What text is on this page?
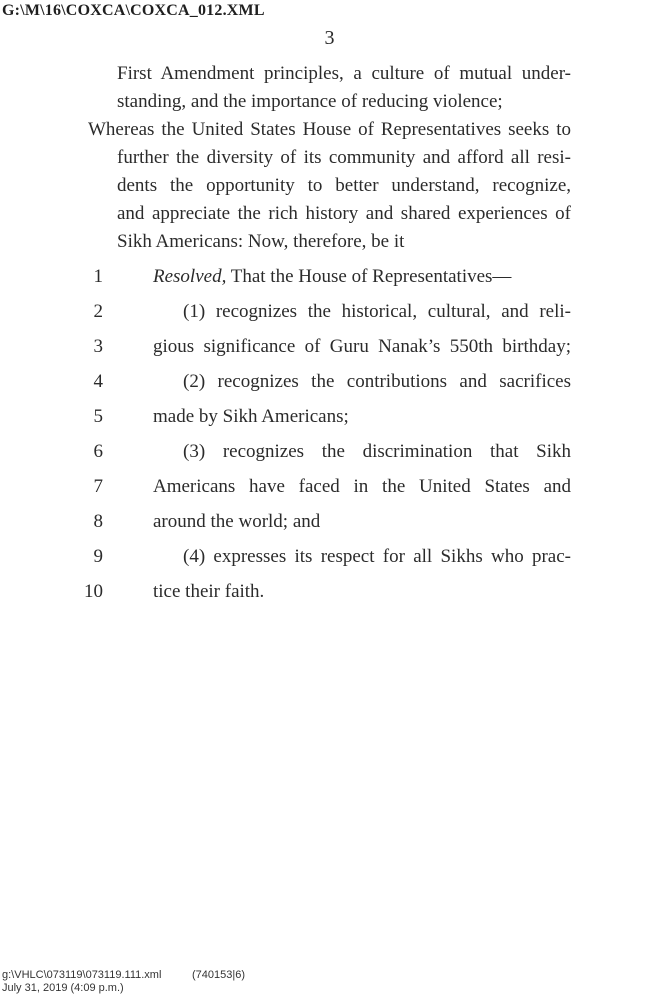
G:\M\16\COXCA\COXCA_012.XML
3
First Amendment principles, a culture of mutual under-
standing, and the importance of reducing violence;
Whereas the United States House of Representatives seeks to
further the diversity of its community and afford all resi-
dents the opportunity to better understand, recognize,
and appreciate the rich history and shared experiences of
Sikh Americans: Now, therefore, be it
1	Resolved, That the House of Representatives—
2	(1) recognizes the historical, cultural, and reli-
3	gious significance of Guru Nanak’s 550th birthday;
4	(2) recognizes the contributions and sacrifices
5	made by Sikh Americans;
6	(3) recognizes the discrimination that Sikh
7	Americans have faced in the United States and
8	around the world; and
9	(4) expresses its respect for all Sikhs who prac-
10	tice their faith.
g:\VHLC\073119\073119.111.xml	(740153|6)
July 31, 2019 (4:09 p.m.)
